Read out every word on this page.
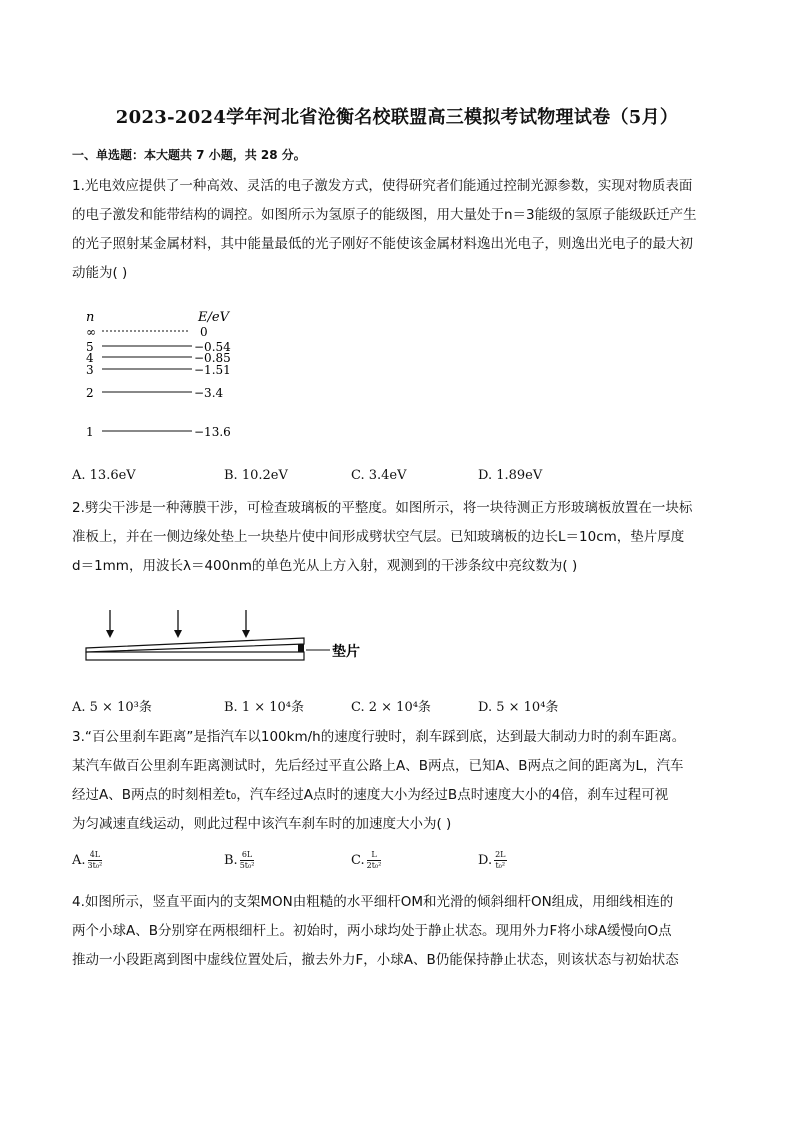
2023-2024学年河北省沧衡名校联盟高三模拟考试物理试卷（5月）
一、单选题：本大题共 7 小题，共 28 分。
1.光电效应提供了一种高效、灵活的电子激发方式，使得研究者们能通过控制光源参数，实现对物质表面
的电子激发和能带结构的调控。如图所示为氢原子的能级图，用大量处于n＝3能级的氢原子能级跃迁产生
的光子照射某金属材料，其中能量最低的光子刚好不能使该金属材料逸出光电子，则逸出光电子的最大初
动能为( )
n	E/eV
∞	0
5	−0.54
4	−0.85
3	−1.51
2	−3.4
1	−13.6
A. 13.6eV	B. 10.2eV	C. 3.4eV	D. 1.89eV
2.劈尖干涉是一种薄膜干涉，可检查玻璃板的平整度。如图所示，将一块待测正方形玻璃板放置在一块标
准板上，并在一侧边缘处垫上一块垫片使中间形成劈状空气层。已知玻璃板的边长L＝10cm，垫片厚度
d＝1mm，用波长λ＝400nm的单色光从上方入射，观测到的干涉条纹中亮纹数为( )
垫片
A. 5 × 10³条	B. 1 × 10⁴条	C. 2 × 10⁴条	D. 5 × 10⁴条
3.“百公里刹车距离”是指汽车以100km/h的速度行驶时，刹车踩到底，达到最大制动力时的刹车距离。
某汽车做百公里刹车距离测试时，先后经过平直公路上A、B两点，已知A、B两点之间的距离为L，汽车
经过A、B两点的时刻相差t₀，汽车经过A点时的速度大小为经过B点时速度大小的4倍，刹车过程可视
为匀减速直线运动，则此过程中该汽车刹车时的加速度大小为( )
A. $\frac{4L}{\text{3t₀²}}$	B. $\frac{6L}{\text{5t₀²}}$	C. $\frac{L}{\text{2t₀²}}$	D. $\frac{2L}{\text{t₀²}}$
4.如图所示，竖直平面内的支架MON由粗糙的水平细杆OM和光滑的倾斜细杆ON组成，用细线相连的
两个小球A、B分别穿在两根细杆上。初始时，两小球均处于静止状态。现用外力F将小球A缓慢向O点
推动一小段距离到图中虚线位置处后，撤去外力F，小球A、B仍能保持静止状态，则该状态与初始状态
